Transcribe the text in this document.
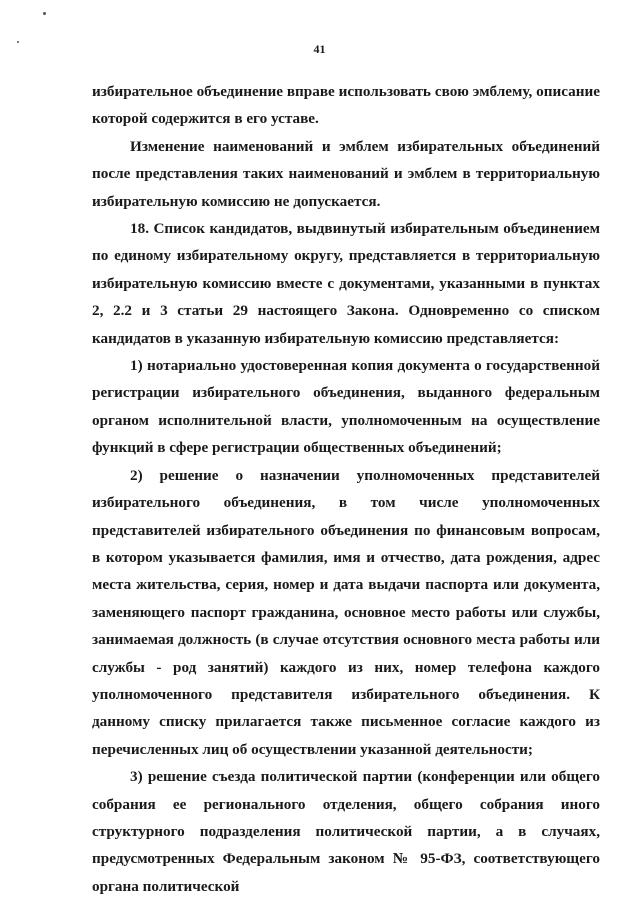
41

избирательное объединение вправе использовать свою эмблему, описание которой содержится в его уставе.

Изменение наименований и эмблем избирательных объединений после представления таких наименований и эмблем в территориальную избирательную комиссию не допускается.

18. Список кандидатов, выдвинутый избирательным объединением по единому избирательному округу, представляется в территориальную избирательную комиссию вместе с документами, указанными в пунктах 2, 2.2 и 3 статьи 29 настоящего Закона. Одновременно со списком кандидатов в указанную избирательную комиссию представляется:

1) нотариально удостоверенная копия документа о государственной регистрации избирательного объединения, выданного федеральным органом исполнительной власти, уполномоченным на осуществление функций в сфере регистрации общественных объединений;

2) решение о назначении уполномоченных представителей избирательного объединения, в том числе уполномоченных представителей избирательного объединения по финансовым вопросам, в котором указывается фамилия, имя и отчество, дата рождения, адрес места жительства, серия, номер и дата выдачи паспорта или документа, заменяющего паспорт гражданина, основное место работы или службы, занимаемая должность (в случае отсутствия основного места работы или службы - род занятий) каждого из них, номер телефона каждого уполномоченного представителя избирательного объединения. К данному списку прилагается также письменное согласие каждого из перечисленных лиц об осуществлении указанной деятельности;

3) решение съезда политической партии (конференции или общего собрания ее регионального отделения, общего собрания иного структурного подразделения политической партии, а в случаях, предусмотренных Федеральным законом № 95-ФЗ, соответствующего органа политической
